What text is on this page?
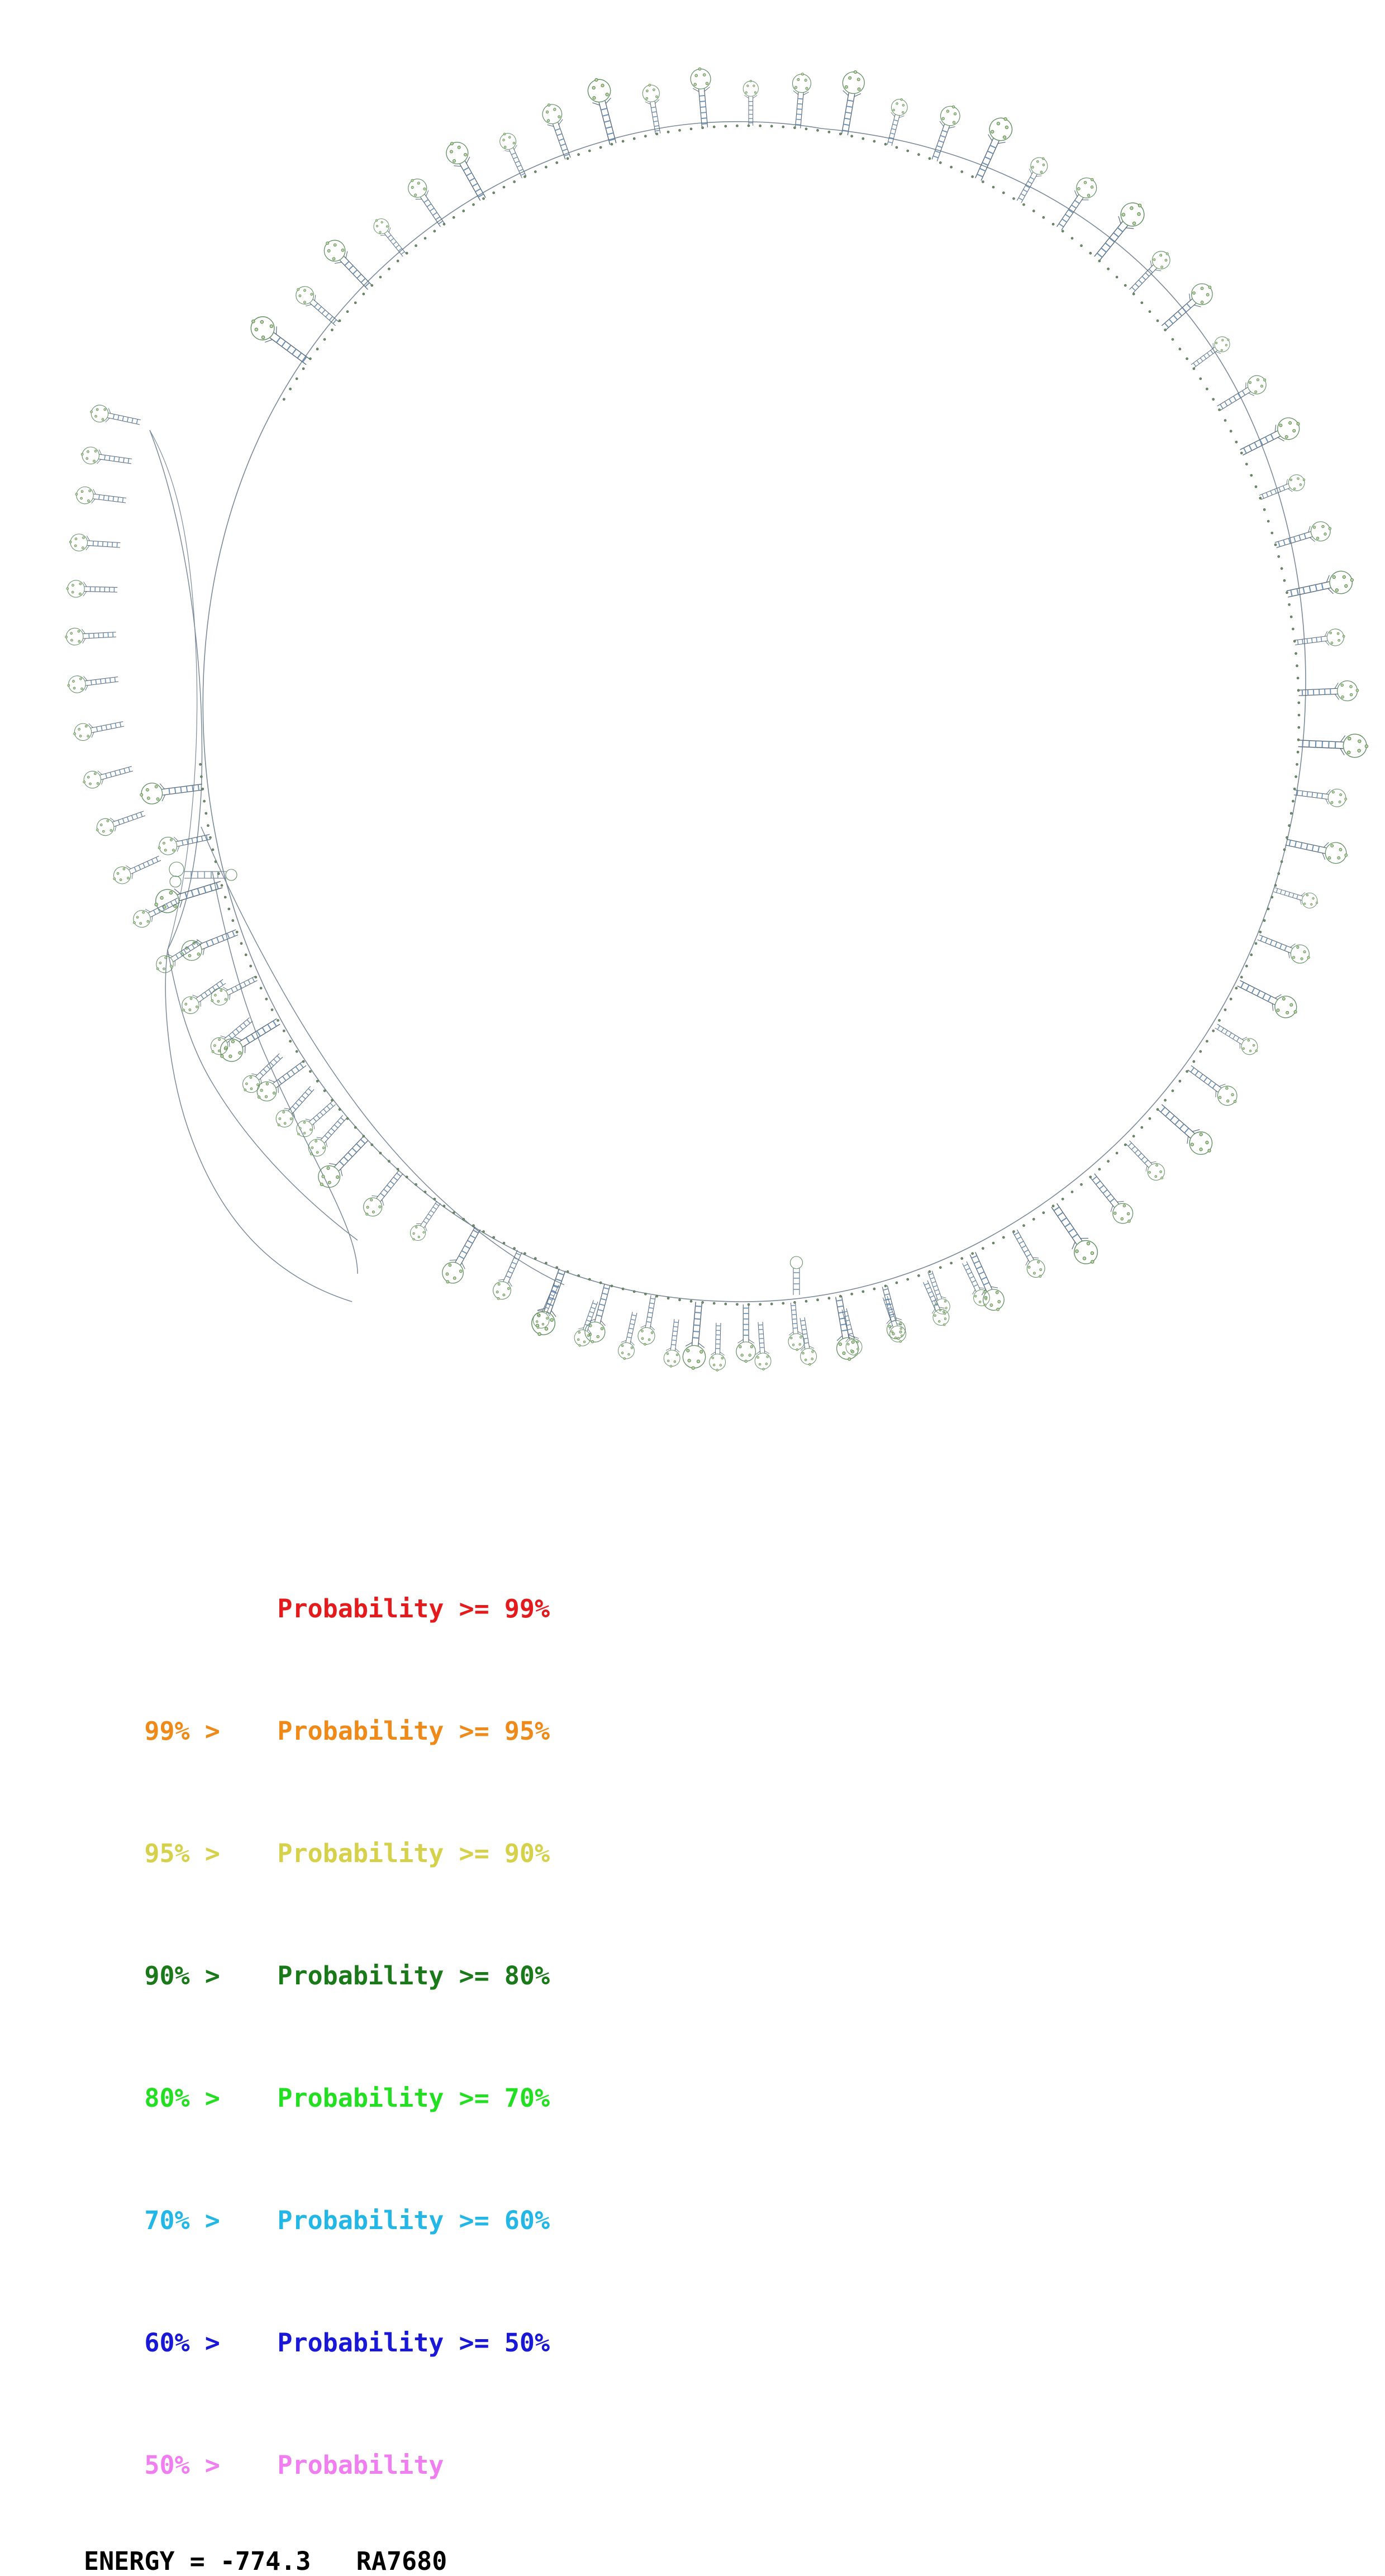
Probability >= 99%

99% > Probability >= 95%

95% > Probability >= 90%

90% > Probability >= 80%

80% > Probability >= 70%

70% > Probability >= 60%

60% > Probability >= 50%

50% > Probability

ENERGY = -774.3 RA7680
